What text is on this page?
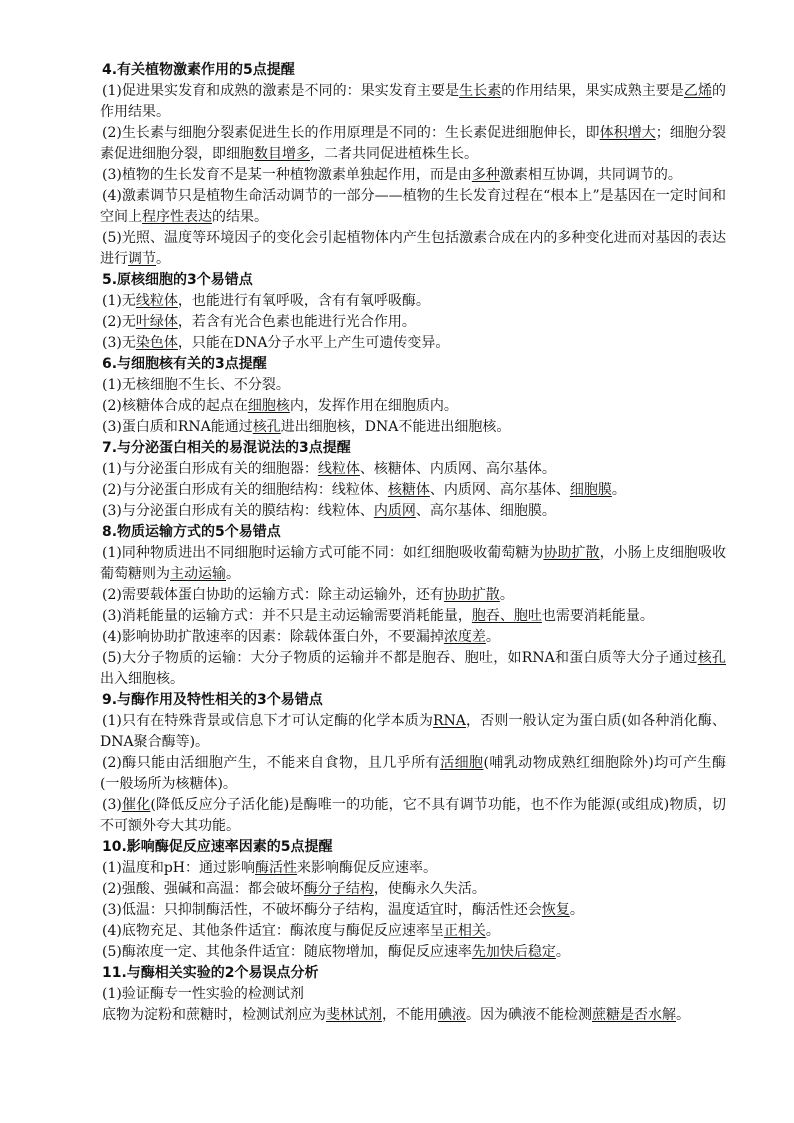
4.有关植物激素作用的5点提醒

(1)促进果实发育和成熟的激素是不同的：果实发育主要是生长素的作用结果，果实成熟主要是乙烯的作用结果。

(2)生长素与细胞分裂素促进生长的作用原理是不同的：生长素促进细胞伸长，即体积增大；细胞分裂素促进细胞分裂，即细胞数目增多，二者共同促进植株生长。

(3)植物的生长发育不是某一种植物激素单独起作用，而是由多种激素相互协调，共同调节的。

(4)激素调节只是植物生命活动调节的一部分——植物的生长发育过程在“根本上”是基因在一定时间和空间上程序性表达的结果。

(5)光照、温度等环境因子的变化会引起植物体内产生包括激素合成在内的多种变化进而对基因的表达进行调节。

5.原核细胞的3个易错点

(1)无线粒体，也能进行有氧呼吸，含有有氧呼吸酶。

(2)无叶绿体，若含有光合色素也能进行光合作用。

(3)无染色体，只能在DNA分子水平上产生可遗传变异。

6.与细胞核有关的3点提醒

(1)无核细胞不生长、不分裂。

(2)核糖体合成的起点在细胞核内，发挥作用在细胞质内。

(3)蛋白质和RNA能通过核孔进出细胞核，DNA不能进出细胞核。

7.与分泌蛋白相关的易混说法的3点提醒

(1)与分泌蛋白形成有关的细胞器：线粒体、核糖体、内质网、高尔基体。

(2)与分泌蛋白形成有关的细胞结构：线粒体、核糖体、内质网、高尔基体、细胞膜。

(3)与分泌蛋白形成有关的膜结构：线粒体、内质网、高尔基体、细胞膜。

8.物质运输方式的5个易错点

(1)同种物质进出不同细胞时运输方式可能不同：如红细胞吸收葡萄糖为协助扩散，小肠上皮细胞吸收葡萄糖则为主动运输。

(2)需要载体蛋白协助的运输方式：除主动运输外，还有协助扩散。

(3)消耗能量的运输方式：并不只是主动运输需要消耗能量，胞吞、胞吐也需要消耗能量。

(4)影响协助扩散速率的因素：除载体蛋白外，不要漏掉浓度差。

(5)大分子物质的运输：大分子物质的运输并不都是胞吞、胞吐，如RNA和蛋白质等大分子通过核孔出入细胞核。

9.与酶作用及特性相关的3个易错点

(1)只有在特殊背景或信息下才可认定酶的化学本质为RNA，否则一般认定为蛋白质(如各种消化酶、DNA聚合酶等)。

(2)酶只能由活细胞产生，不能来自食物，且几乎所有活细胞(哺乳动物成熟红细胞除外)均可产生酶(一般场所为核糖体)。

(3)催化(降低反应分子活化能)是酶唯一的功能，它不具有调节功能，也不作为能源(或组成)物质，切不可额外夸大其功能。

10.影响酶促反应速率因素的5点提醒

(1)温度和pH：通过影响酶活性来影响酶促反应速率。

(2)强酸、强碱和高温：都会破坏酶分子结构，使酶永久失活。

(3)低温：只抑制酶活性，不破坏酶分子结构，温度适宜时，酶活性还会恢复。

(4)底物充足、其他条件适宜：酶浓度与酶促反应速率呈正相关。

(5)酶浓度一定、其他条件适宜：随底物增加，酶促反应速率先加快后稳定。

11.与酶相关实验的2个易误点分析

(1)验证酶专一性实验的检测试剂

底物为淀粉和蔗糖时，检测试剂应为斐林试剂，不能用碘液。因为碘液不能检测蔗糖是否水解。
